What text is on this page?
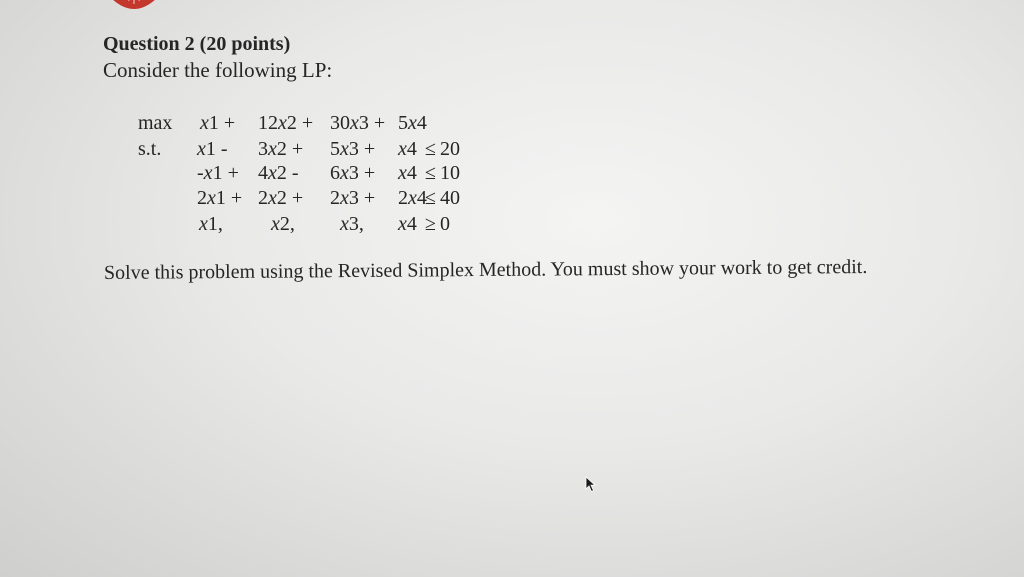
Question 2 (20 points)

Consider the following LP:

max x1 + 12x2 + 30x3 + 5x4
s.t. x1 - 3x2 + 5x3 + x4 ≤ 20
-x1 + 4x2 - 6x3 + x4 ≤ 10
2x1 + 2x2 + 2x3 + 2x4
≤ 40
x1, x2, x3, x4 ≥ 0
Solve this problem using the Revised Simplex Method. You must show your work to get credit.
